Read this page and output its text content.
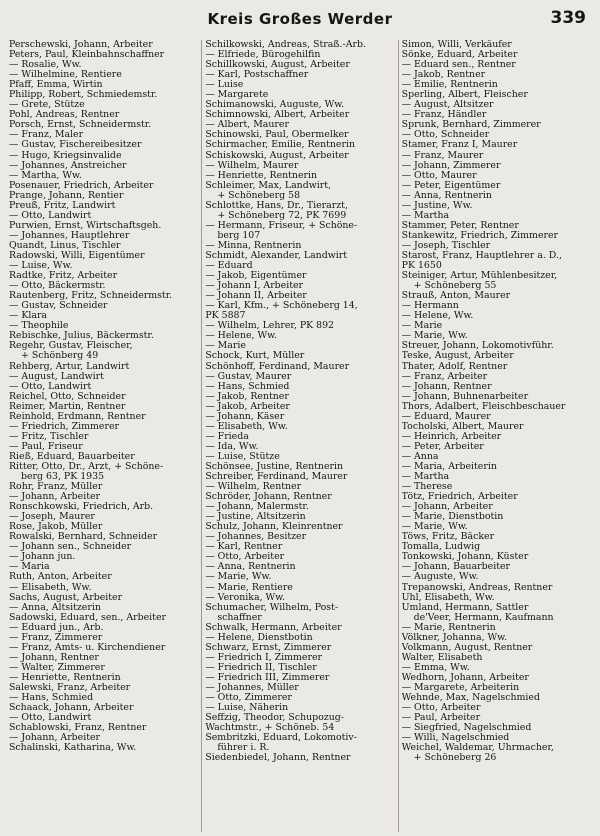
Kreis Großes Werder	339
Perschewski, Johann, Arbeiter
Peters, Paul, Kleinbahnschaffner
— Rosalie, Ww.
— Wilhelmine, Rentiere
Pfaff, Emma, Wirtin
Philipp, Robert, Schmiedemstr.
— Grete, Stütze
Pohl, Andreas, Rentner
Porsch, Ernst, Schneidermstr.
— Franz, Maler
— Gustav, Fischereibesitzer
— Hugo, Kriegsinvalide
— Johannes, Anstreicher
— Martha, Ww.
Posenauer, Friedrich, Arbeiter
Prange, Johann, Rentier
Preuß, Fritz, Landwirt
— Otto, Landwirt
Purwien, Ernst, Wirtschaftsgeh.
— Johannes, Hauptlehrer
Quandt, Linus, Tischler
Radowski, Willi, Eigentümer
— Luise, Ww.
Radtke, Fritz, Arbeiter
— Otto, Bäckermstr.
Rautenberg, Fritz, Schneidermstr.
— Gustav, Schneider
— Klara
— Theophile
Rebischke, Julius, Bäckermstr.
Regehr, Gustav, Fleischer,
+ Schönberg 49
Rehberg, Artur, Landwirt
— August, Landwirt
— Otto, Landwirt
Reichel, Otto, Schneider
Reimer, Martin, Rentner
Reinhold, Erdmann, Rentner
— Friedrich, Zimmerer
— Fritz, Tischler
— Paul, Friseur
Rieß, Eduard, Bauarbeiter
Ritter, Otto, Dr., Arzt, + Schöne-
berg 63, PK 1935
Rohr, Franz, Müller
— Johann, Arbeiter
Ronschkowski, Friedrich, Arb.
— Joseph, Maurer
Rose, Jakob, Müller
Rowalski, Bernhard, Schneider
— Johann sen., Schneider
— Johann jun.
— Maria
Ruth, Anton, Arbeiter
— Elisabeth, Ww.
Sachs, August, Arbeiter
— Anna, Altsitzerin
Sadowski, Eduard, sen., Arbeiter
— Eduard jun., Arb.
— Franz, Zimmerer
— Franz, Amts- u. Kirchendiener
— Johann, Rentner
— Walter, Zimmerer
— Henriette, Rentnerin
Salewski, Franz, Arbeiter
— Hans, Schmied
Schaack, Johann, Arbeiter
— Otto, Landwirt
Schablowski, Franz, Rentner
— Johann, Arbeiter
Schalinski, Katharina, Ww.
Schilkowski, Andreas, Straß.-Arb.
— Elfriede, Bürogehilfin
Schillkowski, August, Arbeiter
— Karl, Postschaffner
— Luise
— Margarete
Schimanowski, Auguste, Ww.
Schimnowski, Albert, Arbeiter
— Albert, Maurer
Schinowski, Paul, Obermelker
Schirmacher, Emilie, Rentnerin
Schiskowski, August, Arbeiter
— Wilhelm, Maurer
— Henriette, Rentnerin
Schleimer, Max, Landwirt,
+ Schöneberg 58
Schlottke, Hans, Dr., Tierarzt,
+ Schöneberg 72, PK 7699
— Hermann, Friseur, + Schöne-
berg 107
— Minna, Rentnerin
Schmidt, Alexander, Landwirt
— Eduard
— Jakob, Eigentümer
— Johann I, Arbeiter
— Johann II, Arbeiter
— Karl, Kfm., + Schöneberg 14,
PK 5887
— Wilhelm, Lehrer, PK 892
— Helene, Ww.
— Marie
Schock, Kurt, Müller
Schönhoff, Ferdinand, Maurer
— Gustav, Maurer
— Hans, Schmied
— Jakob, Rentner
— Jakob, Arbeiter
— Johann, Käser
— Elisabeth, Ww.
— Frieda
— Ida, Ww.
— Luise, Stütze
Schönsee, Justine, Rentnerin
Schreiber, Ferdinand, Maurer
— Wilhelm, Rentner
Schröder, Johann, Rentner
— Johann, Malermstr.
— Justine, Altsitzerin
Schulz, Johann, Kleinrentner
— Johannes, Besitzer
— Karl, Rentner
— Otto, Arbeiter
— Anna, Rentnerin
— Marie, Ww.
— Marie, Rentiere
— Veronika, Ww.
Schumacher, Wilhelm, Post-
schaffner
Schwalk, Hermann, Arbeiter
— Helene, Dienstbotin
Schwarz, Ernst, Zimmerer
— Friedrich I, Zimmerer
— Friedrich II, Tischler
— Friedrich III, Zimmerer
— Johannes, Müller
— Otto, Zimmerer
— Luise, Näherin
Seffzig, Theodor, Schupozug-
Wachtmstr., + Schöneb. 54
Sembritzki, Eduard, Lokomotiv-
führer i. R.
Siedenbiedel, Johann, Rentner
Simon, Willi, Verkäufer
Sönke, Eduard, Arbeiter
— Eduard sen., Rentner
— Jakob, Rentner
— Emilie, Rentnerin
Sperling, Albert, Fleischer
— August, Altsitzer
— Franz, Händler
Sprunk, Bernhard, Zimmerer
— Otto, Schneider
Stamer, Franz I, Maurer
— Franz, Maurer
— Johann, Zimmerer
— Otto, Maurer
— Peter, Eigentümer
— Anna, Rentnerin
— Justine, Ww.
— Martha
Stammer, Peter, Rentner
Stankewitz, Friedrich, Zimmerer
— Joseph, Tischler
Starost, Franz, Hauptlehrer a. D.,
PK 1650
Steiniger, Artur, Mühlenbesitzer,
+ Schöneberg 55
Strauß, Anton, Maurer
— Hermann
— Helene, Ww.
— Marie
— Marie, Ww.
Streuer, Johann, Lokomotivführ.
Teske, August, Arbeiter
Thater, Adolf, Rentner
— Franz, Arbeiter
— Johann, Rentner
— Johann, Buhnenarbeiter
Thors, Adalbert, Fleischbeschauer
— Eduard, Maurer
Tocholski, Albert, Maurer
— Heinrich, Arbeiter
— Peter, Arbeiter
— Anna
— Maria, Arbeiterin
— Martha
— Therese
Tötz, Friedrich, Arbeiter
— Johann, Arbeiter
— Marie, Dienstbotin
— Marie, Ww.
Töws, Fritz, Bäcker
Tomalla, Ludwig
Tonkowski, Johann, Küster
— Johann, Bauarbeiter
— Auguste, Ww.
Trepanowski, Andreas, Rentner
Uhl, Elisabeth, Ww.
Umland, Hermann, Sattler
de'Veer, Hermann, Kaufmann
— Marie, Rentnerin
Völkner, Johanna, Ww.
Volkmann, August, Rentner
Walter, Elisabeth
— Emma, Ww.
Wedhorn, Johann, Arbeiter
— Margarete, Arbeiterin
Wehnde, Max, Nagelschmied
— Otto, Arbeiter
— Paul, Arbeiter
— Siegfried, Nagelschmied
— Willi, Nagelschmied
Weichel, Waldemar, Uhrmacher,
+ Schöneberg 26
